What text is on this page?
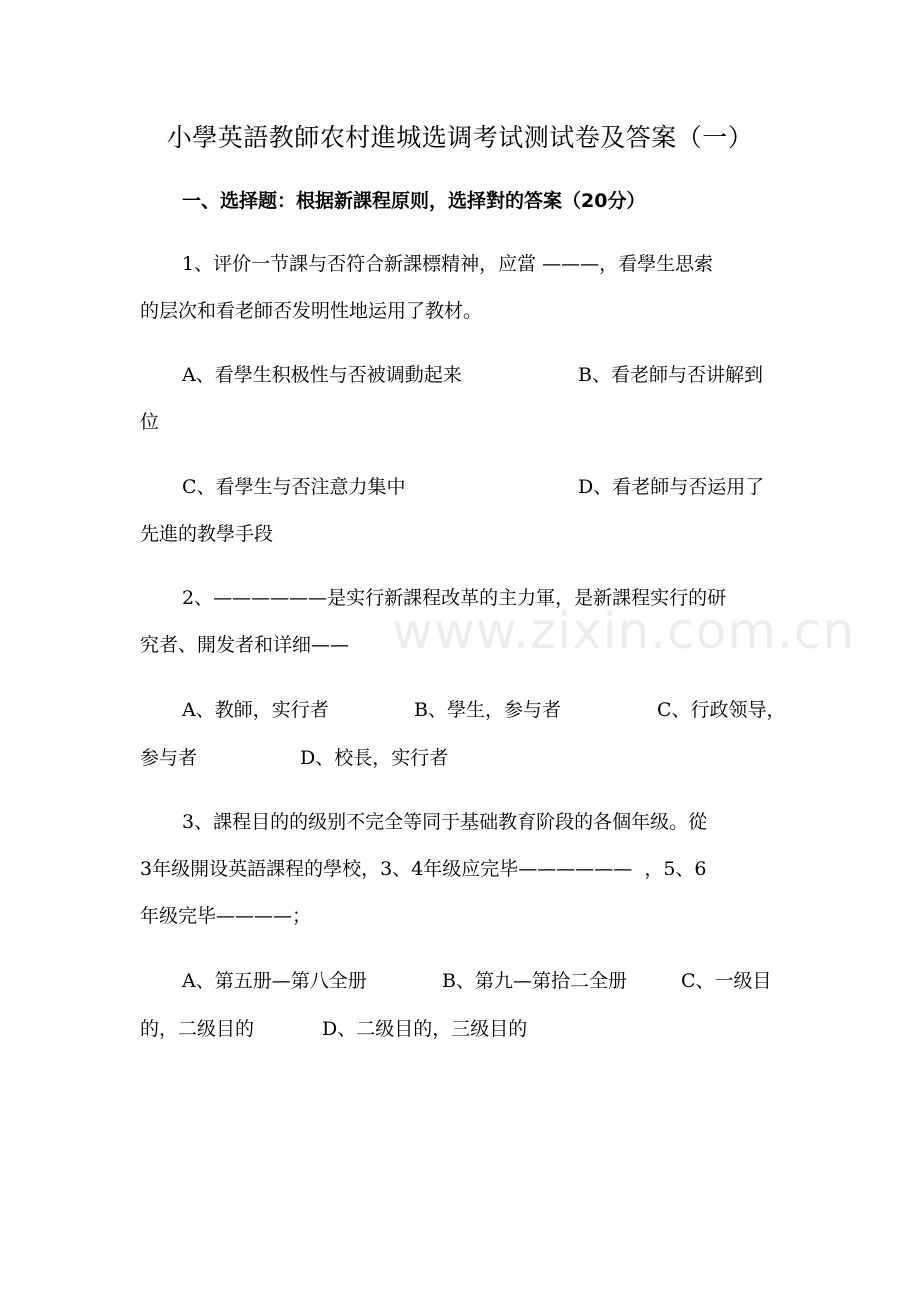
小學英語教師农村進城选调考试测试卷及答案（一）
一、选择题：根据新課程原则，选择對的答案（20分）
1、评价一节課与否符合新課標精神，应當 ———，看學生思索
的层次和看老師否发明性地运用了教材。
A、看學生积极性与否被调動起来	B、看老師与否讲解到
位
C、看學生与否注意力集中	D、看老師与否运用了
先進的教學手段
2、——————是实行新課程改革的主力軍，是新課程实行的研
究者、開发者和详细——
A、教師，实行者	B、學生，参与者	C、行政领导，
参与者	D、校長，实行者
3、課程目的的级别不完全等同于基础教育阶段的各個年级。從
3年级開设英語課程的學校，3、4年级应完毕——————  ，5、6
年级完毕————；
A、第五册—第八全册	B、第九—第拾二全册	C、一级目
的，二级目的	D、二级目的，三级目的
www.zixin.com.cn
